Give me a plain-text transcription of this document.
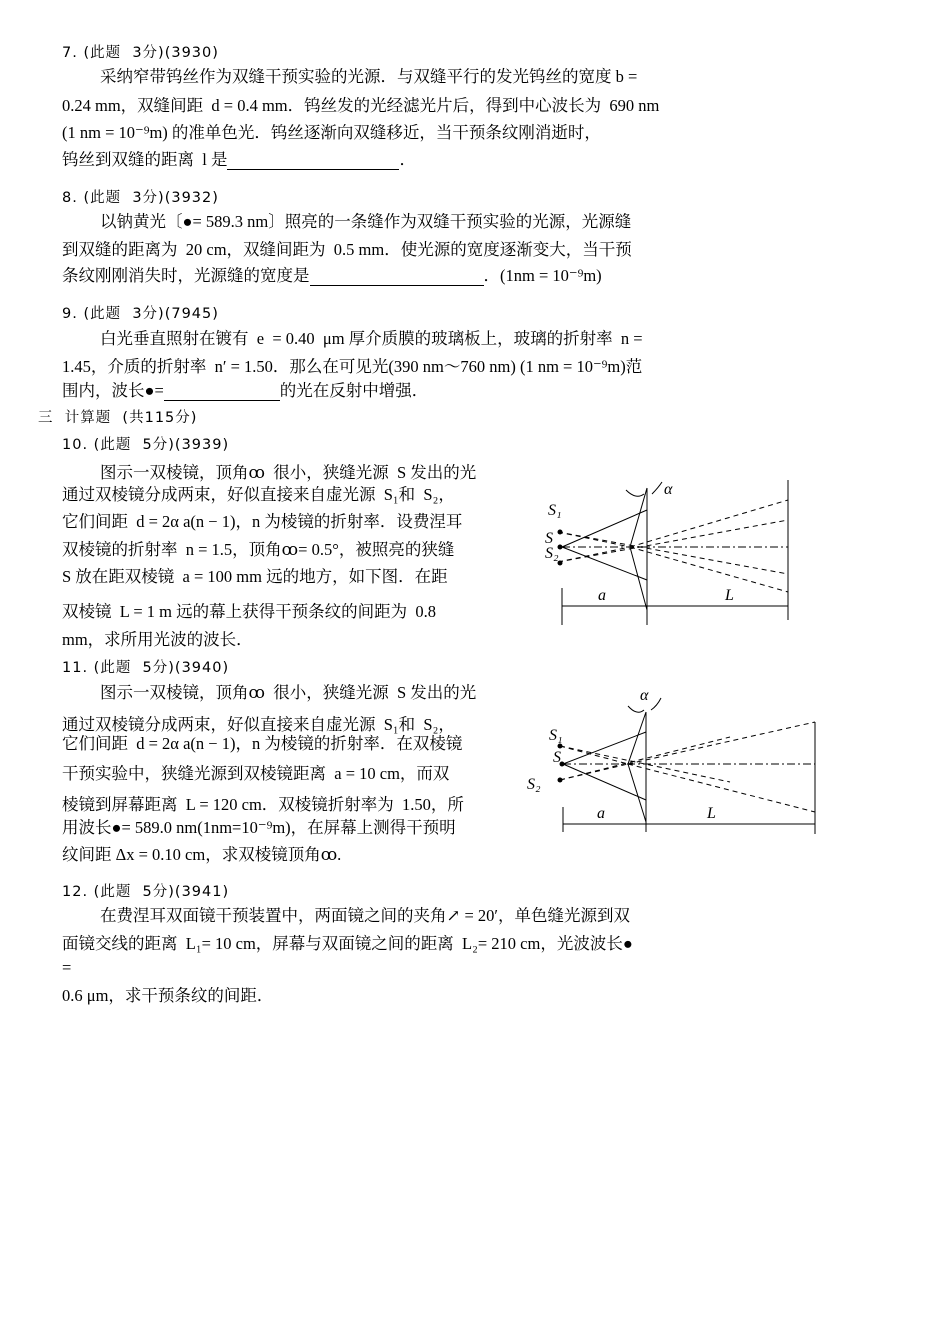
7. (此题  3分)(3930)
采纳窄带钨丝作为双缝干预实验的光源．与双缝平行的发光钨丝的宽度 b =
0.24 mm，双缝间距  d = 0.4 mm．钨丝发的光经滤光片后，得到中心波长为  690 nm
(1 nm = 10⁻⁹m) 的准单色光．钨丝逐渐向双缝移近，当干预条纹刚消逝时，
钨丝到双缝的距离  l 是	．
8. (此题  3分)(3932)
以钠黄光〔●= 589.3 nm〕照亮的一条缝作为双缝干预实验的光源，光源缝
到双缝的距离为  20 cm，双缝间距为  0.5 mm．使光源的宽度逐渐变大，当干预
条纹刚刚消失时，光源缝的宽度是	．(1nm = 10⁻⁹m)
9. (此题  3分)(7945)
白光垂直照射在镀有  e  = 0.40  μm 厚介质膜的玻璃板上，玻璃的折射率  n =
1.45，介质的折射率  n′ = 1.50．那么在可见光(390 nm～760 nm) (1 nm = 10⁻⁹m)范
围内，波长●=	的光在反射中增强．
三  计算题  (共115分)
10. (此题  5分)(3939)
图示一双棱镜，顶角ꝏ  很小，狭缝光源  S 发出的光
通过双棱镜分成两束，好似直接来自虚光源  S₁和  S₂，
它们间距  d = 2α a(n − 1)，n 为棱镜的折射率．设费涅耳
双棱镜的折射率  n = 1.5，顶角ꝏ= 0.5°，被照亮的狭缝
S 放在距双棱镜  a = 100 mm 远的地方，如下图．在距
双棱镜  L = 1 m 远的幕上获得干预条纹的间距为  0.8
mm，求所用光波的波长．
α
S₁
S
S₂
a	L
11. (此题  5分)(3940)
图示一双棱镜，顶角ꝏ  很小，狭缝光源  S 发出的光
通过双棱镜分成两束，好似直接来自虚光源  S₁和  S₂，
它们间距  d = 2α a(n − 1)，n 为棱镜的折射率．在双棱镜
干预实验中，狭缝光源到双棱镜距离  a = 10 cm，而双
棱镜到屏幕距离  L = 120 cm．双棱镜折射率为  1.50，所
用波长●= 589.0 nm(1nm=10⁻⁹m)，在屏幕上测得干预明
纹间距 Δx = 0.10 cm，求双棱镜顶角ꝏ.
α
S₁
S
S₂
a	L
12. (此题  5分)(3941)
在费涅耳双面镜干预装置中，两面镜之间的夹角↗ = 20′，单色缝光源到双
面镜交线的距离  L₁= 10 cm，屏幕与双面镜之间的距离  L₂= 210 cm，光波波长●
=
0.6 μm，求干预条纹的间距．
